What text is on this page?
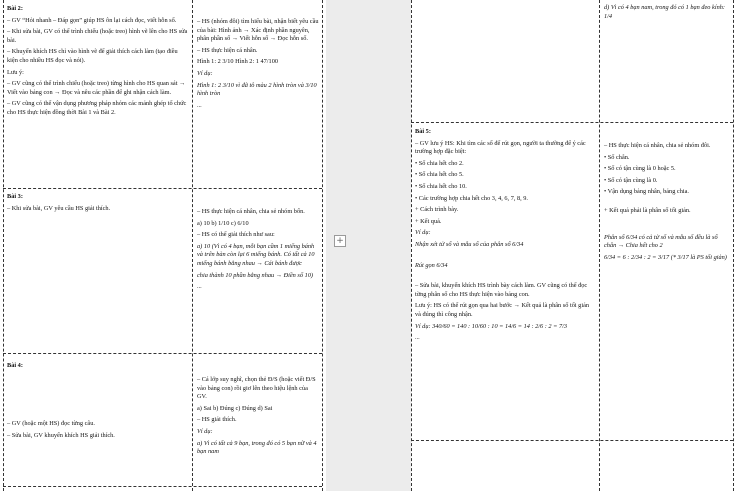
Bài 2:

– GV “Hỏi nhanh – Đáp gọn” giúp HS ôn lại cách đọc, viết hỗn số.

– Khi sửa bài, GV có thể trình chiếu (hoặc treo) hình vẽ lên cho HS sửa bài.

– Khuyến khích HS chỉ vào hình vẽ để giải thích cách làm (tạo điều kiện cho nhiều HS đọc và nói).

Lưu ý:

– GV cũng có thể trình chiếu (hoặc treo) từng hình cho HS quan sát → Viết vào bảng con → Đọc và nêu các phần để ghi nhận cách làm.

– GV cũng có thể vận dụng phương pháp nhóm các mảnh ghép tổ chức cho HS thực hiện đồng thời Bài 1 và Bài 2.

– HS (nhóm đôi) tìm hiểu bài, nhận biết yêu cầu của bài: Hình ảnh → Xác định phần nguyên, phân phần số → Viết hỗn số → Đọc hỗn số.

– HS thực hiện cá nhân.

Hình 1: 2 3/10 Hình 2: 1 47/100

Ví dụ:

Hình 1: 2 3/10 vì đã tô màu 2 hình tròn và 3/10 hình tròn

...

Bài 3:

– Khi sửa bài, GV yêu cầu HS giải thích.	– HS thực hiện cá nhân, chia sẻ nhóm bốn.

a) 10 b) 1/10 c) 6/10

– HS có thể giải thích như sau:

a) 10 (Vì có 4 bạn, mỗi bạn cầm 1 miếng bánh và trên bàn còn lại 6 miếng bánh. Có tất cả 10 miếng bánh bằng nhau → Cái bánh được

chia thành 10 phần bằng nhau → Điền số 10)

...

Bài 4:

– GV (hoặc một HS) đọc từng câu.

– Sửa bài, GV khuyến khích HS giải thích.

– Cá lớp suy nghĩ, chọn thẻ Đ/S (hoặc viết Đ/S vào bảng con) rồi giơ lên theo hiệu lệnh của GV.

a) Sai b) Đúng c) Đúng d) Sai

– HS giải thích.

Ví dụ:

a) Vì có tất cả 9 bạn, trong đó có 5 bạn nữ và 4 bạn nam

+

d) Vì có 4 bạn nam, trong đó có 1 bạn đeo kính: 1/4

Bài 5:

– GV lưu ý HS: Khi tìm các số để rút gọn, người ta thường để ý các trường hợp đặc biệt:

• Số chia hết cho 2.

• Số chia hết cho 5.

• Số chia hết cho 10.

• Các trường hợp chia hết cho 3, 4, 6, 7, 8, 9.

+ Cách trình bày.

+ Kết quả.

Ví dụ:

Nhận xét tử số và mẫu số của phân số 6/34

Rút gọn 6/34

– Sửa bài, khuyến khích HS trình bày cách làm. GV cũng có thể đọc từng phân số cho HS thực hiện vào bảng con.

Lưu ý: HS có thể rút gọn qua hai bước → Kết quả là phân số tối giản và đúng thì công nhận.

Ví dụ: 340/60 = 140 : 10/60 : 10 = 14/6 = 14 : 2/6 : 2 = 7/3

...

– HS thực hiện cá nhân, chia sẻ nhóm đôi.

• Số chẵn.

• Số có tận cùng là 0 hoặc 5.

• Số có tận cùng là 0.

• Vận dụng bảng nhân, bảng chia.

+ Kết quả phải là phân số tối giản.

Phân số 6/34 có cả tử số và mẫu số đều là số chẵn → Chia hết cho 2

6/34 = 6 : 2/34 : 2 = 3/17 (* 3/17 là PS tối giản)
